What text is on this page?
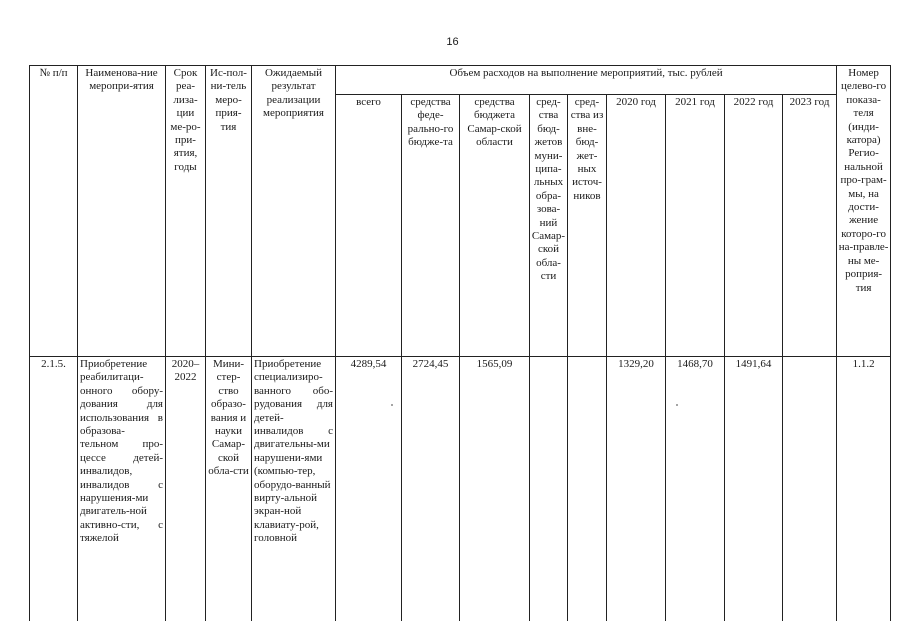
16
№ п/п	Наименова-ние меропри-ятия	Срок реа-лиза-ции ме-ро-при-ятия, годы	Ис-пол-ни-тель меро-прия-тия	Ожидаемый результат реализации мероприятия	Объем расходов на выполнение мероприятий, тыс. рублей									Номер целево-го показа-теля (инди-катора) Регио-нальной про-грам-мы, на дости-жение которо-го на-правле-ны ме-роприя-тия
					всего	средства феде-рально-го бюдже-та	средства бюджета Самар-ской области	сред-ства бюд-жетов муни-ципа-льных обра-зова-ний Самар-ской обла-сти	сред-ства из вне-бюд-жет-ных источ-ников	2020 год	2021 год	2022 год	2023 год	
2.1.5.	Приобретение реабилитаци-онного обору-дования для использования в образова-тельном про-цессе детей-инвалидов, инвалидов с нарушения-ми двигатель-ной активно-сти, с тяжелой	2020–2022	Мини-стер-ство образо-вания и науки Самар-ской обла-сти	Приобретение специализиро-ванного обо-рудования для детей-инвалидов с двигательны-ми нарушени-ями (компью-тер, оборудо-ванный вирту-альной экран-ной клавиату-рой, головной	4289,54	2724,45	1565,09			1329,20	1468,70	1491,64		1.1.2
